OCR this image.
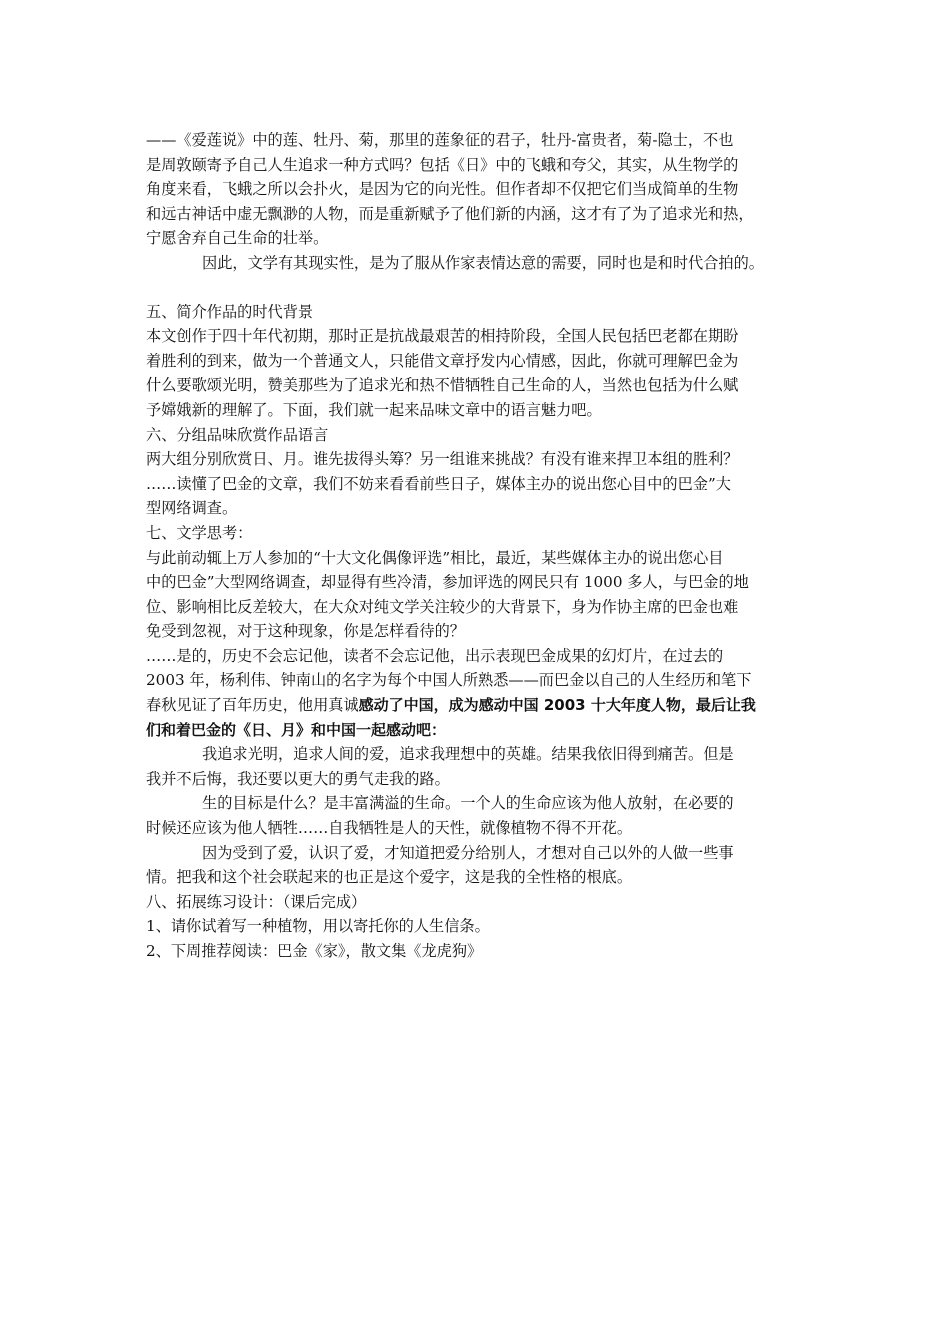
——《爱莲说》中的莲、牡丹、菊，那里的莲象征的君子，牡丹-富贵者，菊-隐士，不也

是周敦颐寄予自己人生追求一种方式吗？包括《日》中的飞蛾和夸父，其实，从生物学的

角度来看，飞蛾之所以会扑火，是因为它的向光性。但作者却不仅把它们当成简单的生物

和远古神话中虚无飘渺的人物，而是重新赋予了他们新的内涵，这才有了为了追求光和热，

宁愿舍弃自己生命的壮举。

因此，文学有其现实性，是为了服从作家表情达意的需要，同时也是和时代合拍的。

五、简介作品的时代背景

本文创作于四十年代初期，那时正是抗战最艰苦的相持阶段，全国人民包括巴老都在期盼

着胜利的到来，做为一个普通文人，只能借文章抒发内心情感，因此，你就可理解巴金为

什么要歌颂光明，赞美那些为了追求光和热不惜牺牲自己生命的人，当然也包括为什么赋

予嫦娥新的理解了。下面，我们就一起来品味文章中的语言魅力吧。

六、分组品味欣赏作品语言

两大组分别欣赏日、月。谁先拔得头筹？另一组谁来挑战？有没有谁来捍卫本组的胜利？

……读懂了巴金的文章，我们不妨来看看前些日子，媒体主办的说出您心目中的巴金”大

型网络调查。

七、文学思考：

与此前动辄上万人参加的“十大文化偶像评选”相比，最近，某些媒体主办的说出您心目

中的巴金”大型网络调查，却显得有些冷清，参加评选的网民只有 1000 多人，与巴金的地

位、影响相比反差较大，在大众对纯文学关注较少的大背景下，身为作协主席的巴金也难

免受到忽视，对于这种现象，你是怎样看待的？

……是的，历史不会忘记他，读者不会忘记他，出示表现巴金成果的幻灯片，在过去的

2003 年，杨利伟、钟南山的名字为每个中国人所熟悉——而巴金以自己的人生经历和笔下

春秋见证了百年历史，他用真诚感动了中国，成为感动中国 2003 十大年度人物，最后让我

们和着巴金的《日、月》和中国一起感动吧：

我追求光明，追求人间的爱，追求我理想中的英雄。结果我依旧得到痛苦。但是

我并不后悔，我还要以更大的勇气走我的路。

生的目标是什么？是丰富满溢的生命。一个人的生命应该为他人放射，在必要的

时候还应该为他人牺牲……自我牺牲是人的天性，就像植物不得不开花。

因为受到了爱，认识了爱，才知道把爱分给别人，才想对自己以外的人做一些事

情。把我和这个社会联起来的也正是这个爱字，这是我的全性格的根底。

八、拓展练习设计：（课后完成）

1、请你试着写一种植物，用以寄托你的人生信条。

2、下周推荐阅读：巴金《家》，散文集《龙虎狗》
